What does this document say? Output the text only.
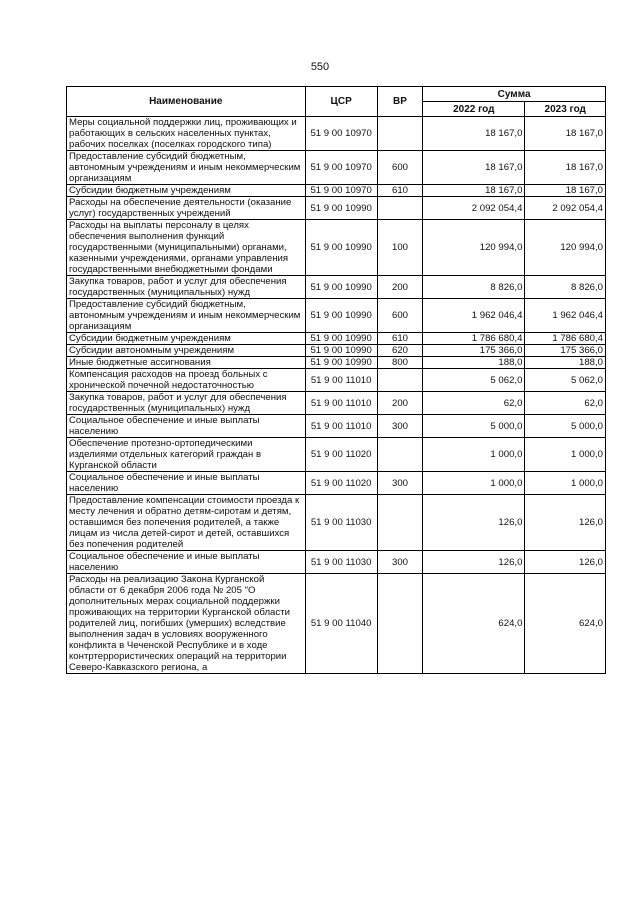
550
Наименование	ЦСР	ВР	Сумма	
			2022 год	2023 год
Меры социальной поддержки лиц, проживающих и работающих в сельских населенных пунктах, рабочих поселках (поселках городского типа)	51 9 00 10970		18 167,0	18 167,0
Предоставление субсидий бюджетным, автономным учреждениям и иным некоммерческим организациям	51 9 00 10970	600	18 167,0	18 167,0
Субсидии бюджетным учреждениям	51 9 00 10970	610	18 167,0	18 167,0
Расходы на обеспечение деятельности (оказание услуг) государственных учреждений	51 9 00 10990		2 092 054,4	2 092 054,4
Расходы на выплаты персоналу в целях обеспечения выполнения функций государственными (муниципальными) органами, казенными учреждениями, органами управления государственными внебюджетными фондами	51 9 00 10990	100	120 994,0	120 994,0
Закупка товаров, работ и услуг для обеспечения государственных (муниципальных) нужд	51 9 00 10990	200	8 826,0	8 826,0
Предоставление субсидий бюджетным, автономным учреждениям и иным некоммерческим организациям	51 9 00 10990	600	1 962 046,4	1 962 046,4
Субсидии бюджетным учреждениям	51 9 00 10990	610	1 786 680,4	1 786 680,4
Субсидии автономным учреждениям	51 9 00 10990	620	175 366,0	175 366,0
Иные бюджетные ассигнования	51 9 00 10990	800	188,0	188,0
Компенсация расходов на проезд больных с хронической почечной недостаточностью	51 9 00 11010		5 062,0	5 062,0
Закупка товаров, работ и услуг для обеспечения государственных (муниципальных) нужд	51 9 00 11010	200	62,0	62,0
Социальное обеспечение и иные выплаты населению	51 9 00 11010	300	5 000,0	5 000,0
Обеспечение протезно-ортопедическими изделиями отдельных категорий граждан в Курганской области	51 9 00 11020		1 000,0	1 000,0
Социальное обеспечение и иные выплаты населению	51 9 00 11020	300	1 000,0	1 000,0
Предоставление компенсации стоимости проезда к месту лечения и обратно детям-сиротам и детям, оставшимся без попечения родителей, а также лицам из числа детей-сирот и детей, оставшихся без попечения родителей	51 9 00 11030		126,0	126,0
Социальное обеспечение и иные выплаты населению	51 9 00 11030	300	126,0	126,0
Расходы на реализацию Закона Курганской области от 6 декабря 2006 года № 205 "О дополнительных мерах социальной поддержки проживающих на территории Курганской области родителей лиц, погибших (умерших) вследствие выполнения задач в условиях вооруженного конфликта в Чеченской Республике и в ходе контртеррористических операций на территории Северо-Кавказского региона, а	51 9 00 11040		624,0	624,0
